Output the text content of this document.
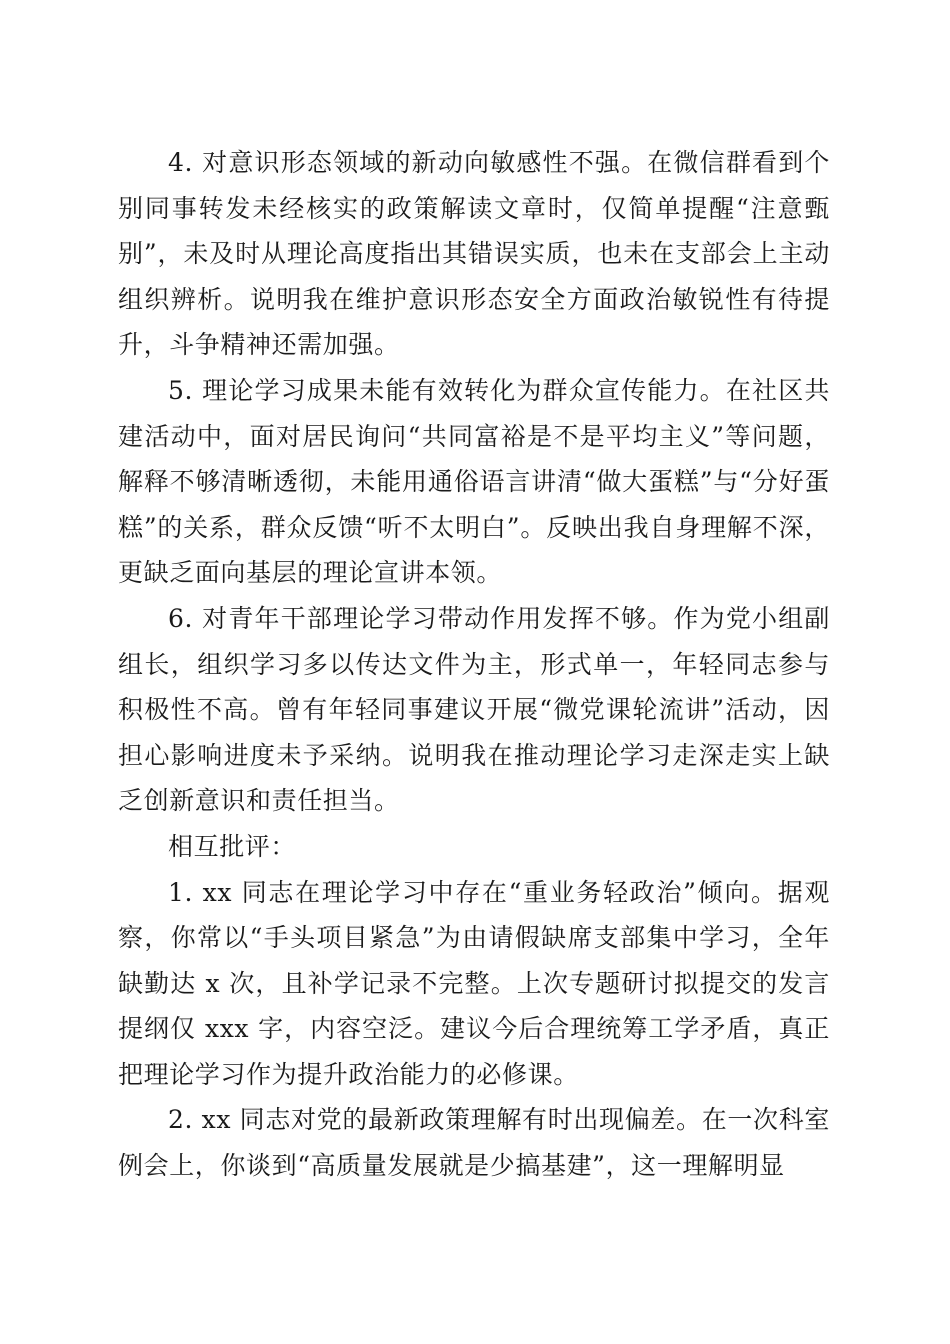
4. 对意识形态领域的新动向敏感性不强。在微信群看到个别同事转发未经核实的政策解读文章时，仅简单提醒“注意甄别”，未及时从理论高度指出其错误实质，也未在支部会上主动组织辨析。说明我在维护意识形态安全方面政治敏锐性有待提升，斗争精神还需加强。

5. 理论学习成果未能有效转化为群众宣传能力。在社区共建活动中，面对居民询问“共同富裕是不是平均主义”等问题，解释不够清晰透彻，未能用通俗语言讲清“做大蛋糕”与“分好蛋糕”的关系，群众反馈“听不太明白”。反映出我自身理解不深，更缺乏面向基层的理论宣讲本领。

6. 对青年干部理论学习带动作用发挥不够。作为党小组副组长，组织学习多以传达文件为主，形式单一，年轻同志参与积极性不高。曾有年轻同事建议开展“微党课轮流讲”活动，因担心影响进度未予采纳。说明我在推动理论学习走深走实上缺乏创新意识和责任担当。

相互批评：

1. xx 同志在理论学习中存在“重业务轻政治”倾向。据观察，你常以“手头项目紧急”为由请假缺席支部集中学习，全年缺勤达 x 次，且补学记录不完整。上次专题研讨拟提交的发言提纲仅 xxx 字，内容空泛。建议今后合理统筹工学矛盾，真正把理论学习作为提升政治能力的必修课。

2. xx 同志对党的最新政策理解有时出现偏差。在一次科室例会上，你谈到“高质量发展就是少搞基建”，这一理解明显
